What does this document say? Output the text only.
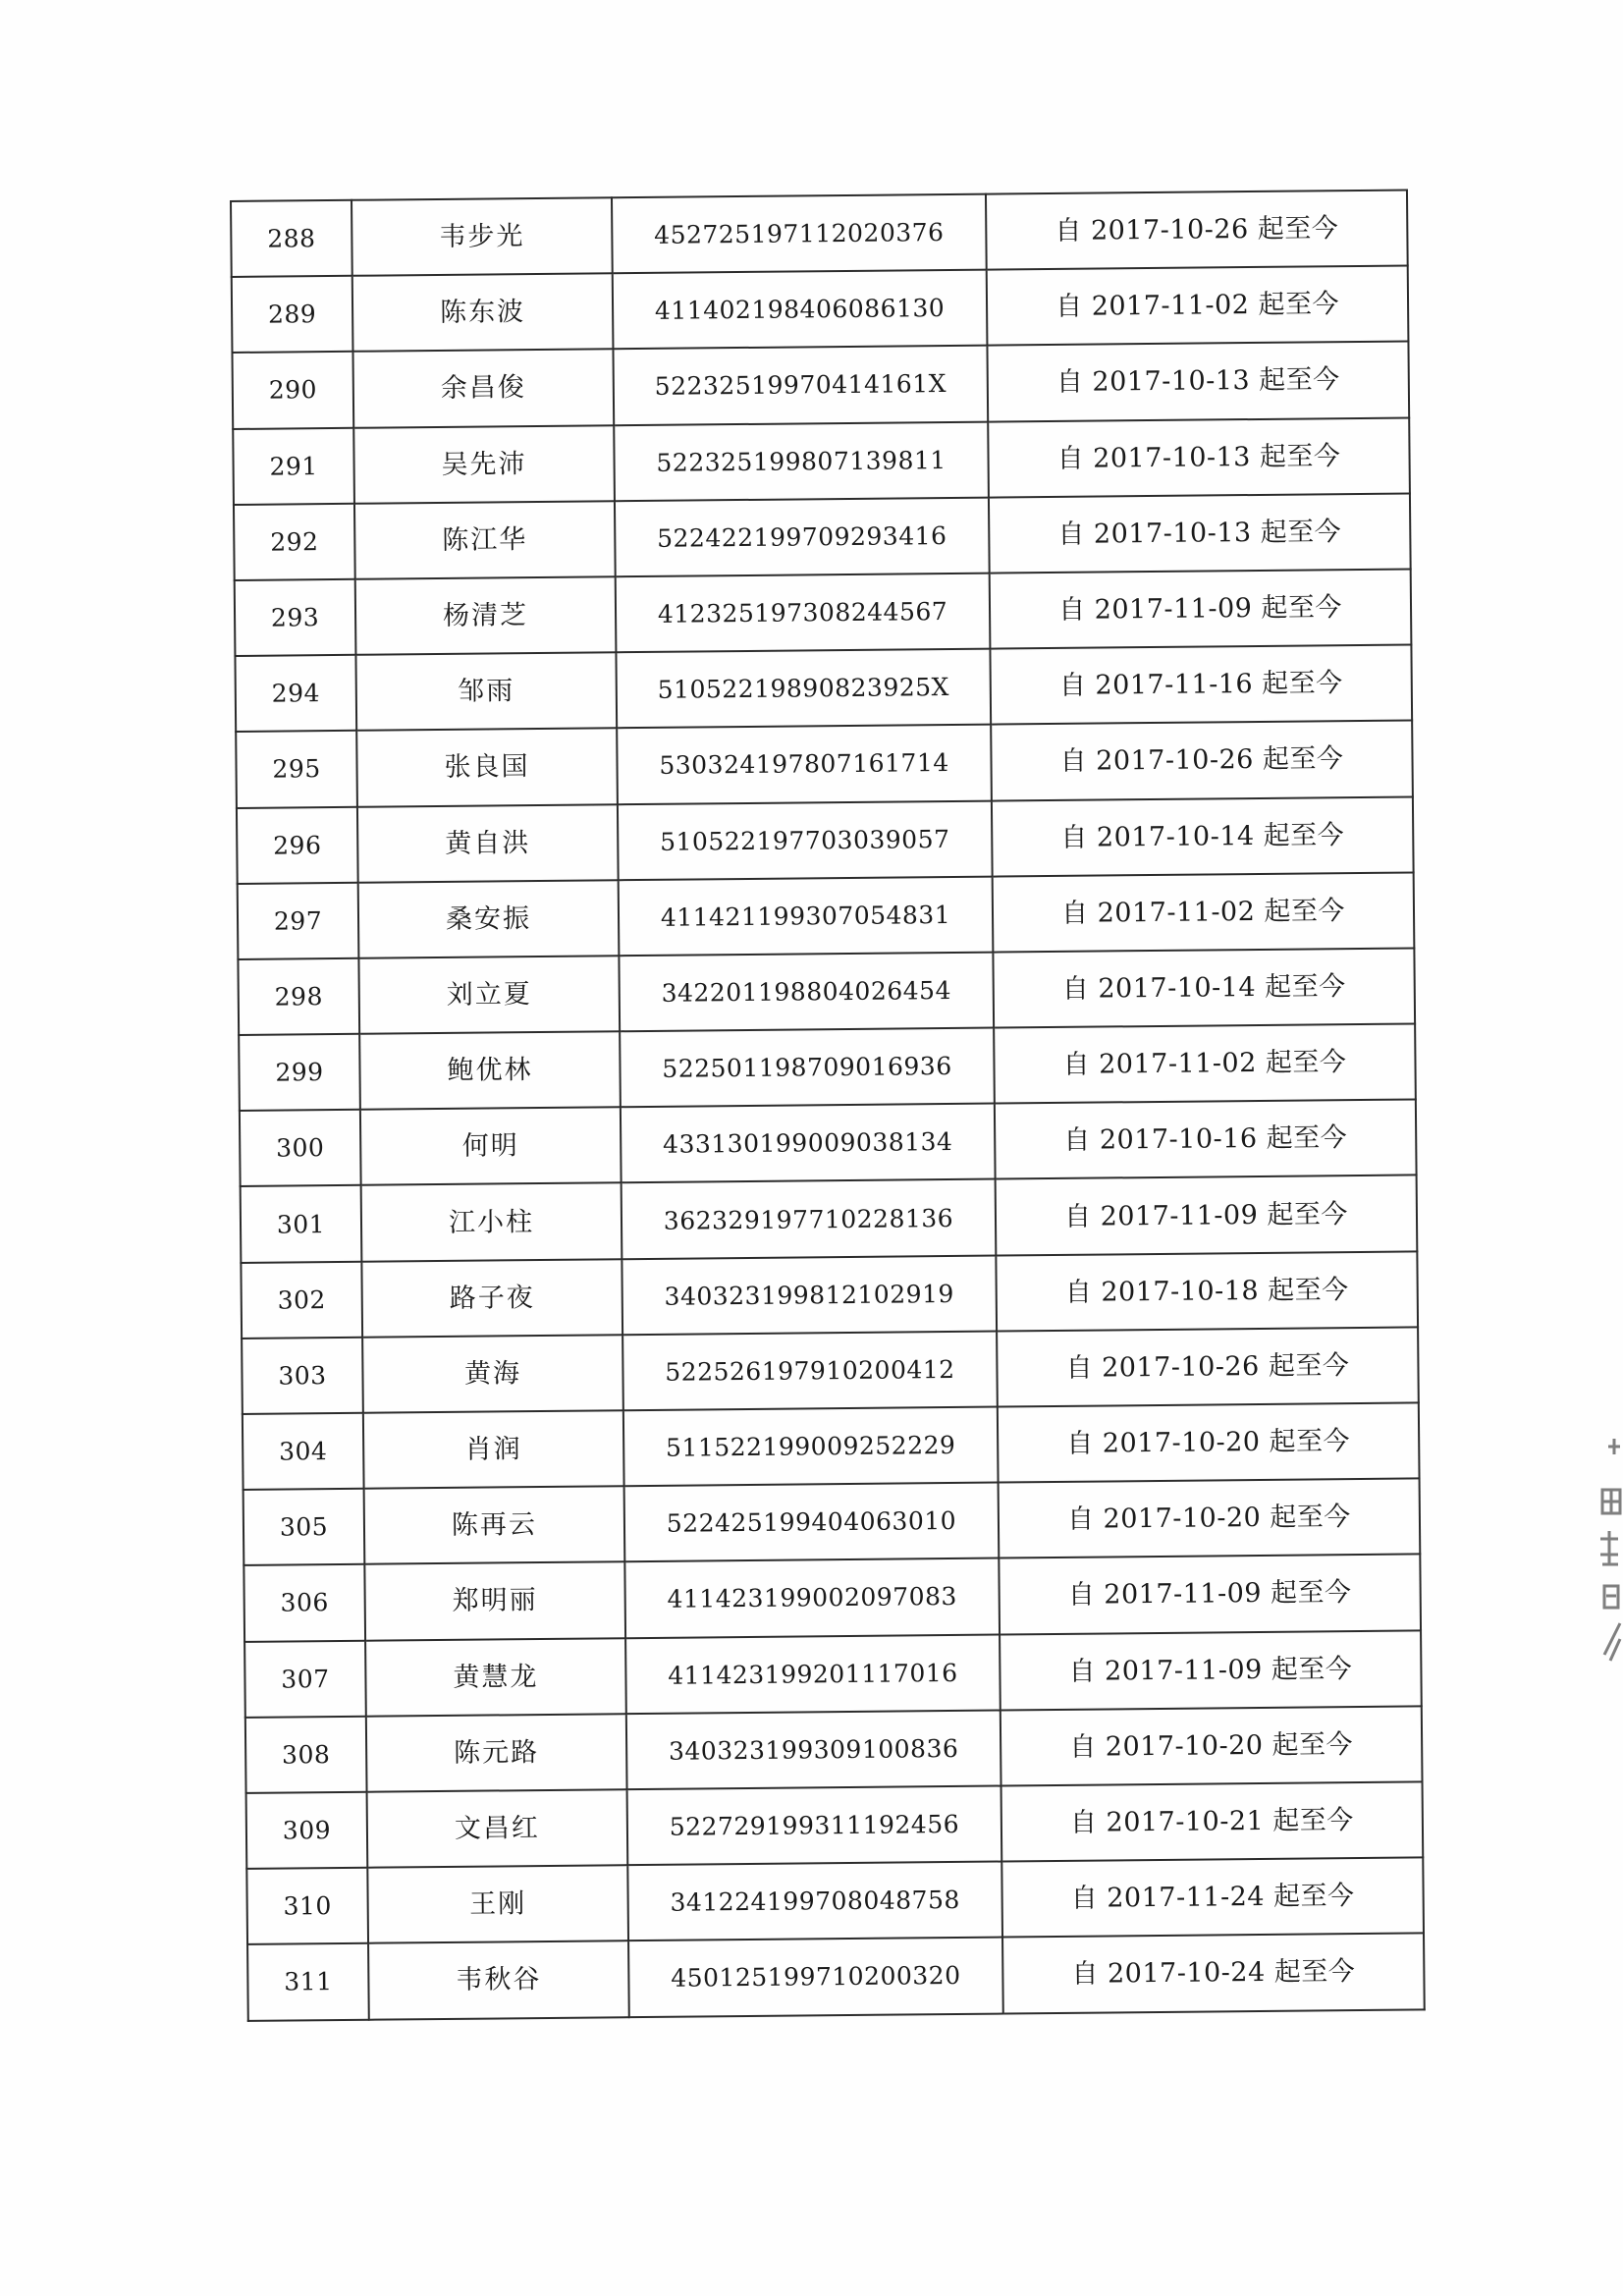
288	韦步光	452725197112020376	自 2017-10-26 起至今
289	陈东波	411402198406086130	自 2017-11-02 起至今
290	余昌俊	52232519970414161X	自 2017-10-13 起至今
291	吴先沛	522325199807139811	自 2017-10-13 起至今
292	陈江华	522422199709293416	自 2017-10-13 起至今
293	杨清芝	412325197308244567	自 2017-11-09 起至今
294	邹雨	51052219890823925X	自 2017-11-16 起至今
295	张良国	530324197807161714	自 2017-10-26 起至今
296	黄自洪	510522197703039057	自 2017-10-14 起至今
297	桑安振	411421199307054831	自 2017-11-02 起至今
298	刘立夏	342201198804026454	自 2017-10-14 起至今
299	鲍优林	522501198709016936	自 2017-11-02 起至今
300	何明	433130199009038134	自 2017-10-16 起至今
301	江小柱	362329197710228136	自 2017-11-09 起至今
302	路子夜	340323199812102919	自 2017-10-18 起至今
303	黄海	522526197910200412	自 2017-10-26 起至今
304	肖润	511522199009252229	自 2017-10-20 起至今
305	陈再云	522425199404063010	自 2017-10-20 起至今
306	郑明丽	411423199002097083	自 2017-11-09 起至今
307	黄慧龙	411423199201117016	自 2017-11-09 起至今
308	陈元路	340323199309100836	自 2017-10-20 起至今
309	文昌红	522729199311192456	自 2017-10-21 起至今
310	王刚	341224199708048758	自 2017-11-24 起至今
311	韦秋谷	450125199710200320	自 2017-10-24 起至今
